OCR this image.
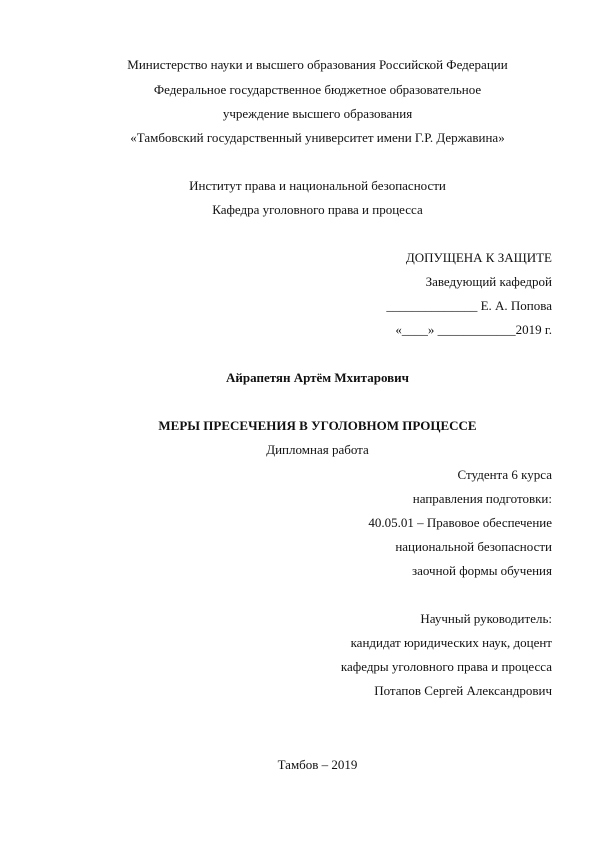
Министерство науки и высшего образования Российской Федерации
Федеральное государственное бюджетное образовательное
учреждение высшего образования
«Тамбовский государственный университет имени Г.Р. Державина»
Институт права и национальной безопасности
Кафедра уголовного права и процесса
ДОПУЩЕНА К ЗАЩИТЕ
Заведующий кафедрой
______________ Е. А. Попова
«____» ____________2019 г.
Айрапетян Артём Мхитарович
МЕРЫ ПРЕСЕЧЕНИЯ В УГОЛОВНОМ ПРОЦЕССЕ
Дипломная работа
Студента 6 курса
направления подготовки:
40.05.01 – Правовое обеспечение
национальной безопасности
заочной формы обучения
Научный руководитель:
кандидат юридических наук, доцент
кафедры уголовного права и процесса
Потапов Сергей Александрович
Тамбов – 2019
